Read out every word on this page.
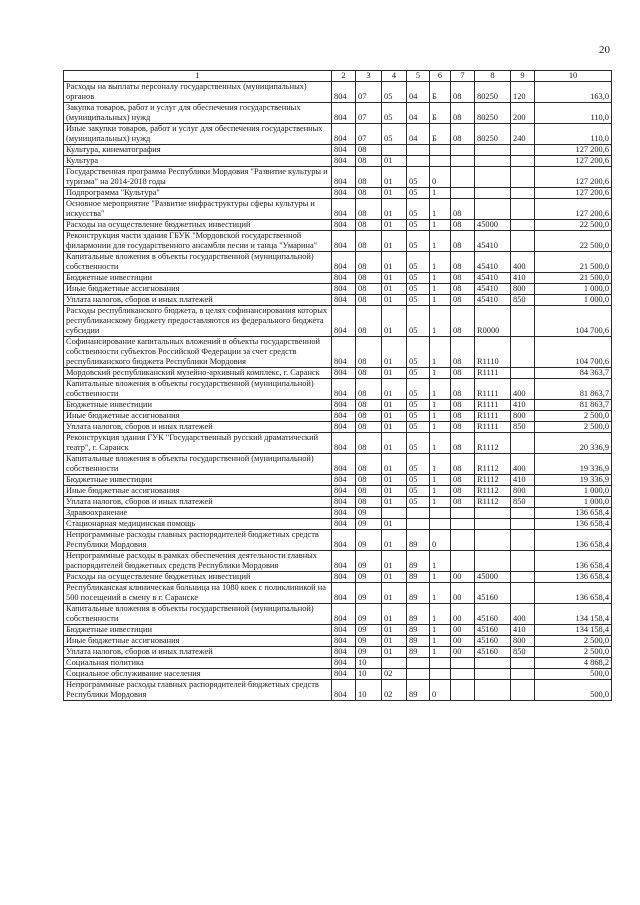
20
1	2	3	4	5	6	7	8	9	10
Расходы на выплаты персоналу государственных (муниципальных) органов	804	07	05	04	Б	08	80250	120	163,0
Закупка товаров, работ и услуг для обеспечения государственных (муниципальных) нужд	804	07	05	04	Б	08	80250	200	110,0
Иные закупки товаров, работ и услуг для обеспечения государственных (муниципальных) нужд	804	07	05	04	Б	08	80250	240	110,0
Культура, кинематография	804	08							127 200,6
Культура	804	08	01						127 200,6
Государственная программа Республики Мордовия "Развитие культуры и туризма" на 2014-2018 годы	804	08	01	05	0				127 200,6
Подпрограмма "Культура"	804	08	01	05	1				127 200,6
Основное мероприятие "Развитие инфраструктуры сферы культуры и искусства"	804	08	01	05	1	08			127 200,6
Расходы на осуществление бюджетных инвестиций	804	08	01	05	1	08	45000		22 500,0
Реконструкция части здания ГБУК "Мордовской государственной филармонии для государственного ансамбля песни и танца "Умарина"	804	08	01	05	1	08	45410		22 500,0
Капитальные вложения в объекты государственной (муниципальной) собственности	804	08	01	05	1	08	45410	400	21 500,0
Бюджетные инвестиции	804	08	01	05	1	08	45410	410	21 500,0
Иные бюджетные ассигнования	804	08	01	05	1	08	45410	800	1 000,0
Уплата налогов, сборов и иных платежей	804	08	01	05	1	08	45410	850	1 000,0
Расходы республиканского бюджета, в целях софинансирования которых республиканскому бюджету предоставляются из федерального бюджета субсидии	804	08	01	05	1	08	R0000		104 700,6
Софинансирование капитальных вложений в объекты государственной собственности субъектов Российской Федерации за счет средств республиканского бюджета Республики Мордовия	804	08	01	05	1	08	R1110		104 700,6
Мордовский республиканский музейно-архивный комплекс, г. Саранск	804	08	01	05	1	08	R1111		84 363,7
Капитальные вложения в объекты государственной (муниципальной) собственности	804	08	01	05	1	08	R1111	400	81 863,7
Бюджетные инвестиции	804	08	01	05	1	08	R1111	410	81 863,7
Иные бюджетные ассигнования	804	08	01	05	1	08	R1111	800	2 500,0
Уплата налогов, сборов и иных платежей	804	08	01	05	1	08	R1111	850	2 500,0
Реконструкция здания ГУК "Государственный русский драматический театр", г. Саранск	804	08	01	05	1	08	R1112		20 336,9
Капитальные вложения в объекты государственной (муниципальной) собственности	804	08	01	05	1	08	R1112	400	19 336,9
Бюджетные инвестиции	804	08	01	05	1	08	R1112	410	19 336,9
Иные бюджетные ассигнования	804	08	01	05	1	08	R1112	800	1 000,0
Уплата налогов, сборов и иных платежей	804	08	01	05	1	08	R1112	850	1 000,0
Здравоохранение	804	09							136 658,4
Стационарная медицинская помощь	804	09	01						136 658,4
Непрограммные расходы главных распорядителей бюджетных средств Республики Мордовия	804	09	01	89	0				136 658,4
Непрограммные расходы в рамках обеспечения деятельности главных распорядителей бюджетных средств Республики Мордовия	804	09	01	89	1				136 658,4
Расходы на осуществление бюджетных инвестиций	804	09	01	89	1	00	45000		136 658,4
Республиканская клиническая больница на 1080 коек с поликлиникой на 500 посещений в смену в г. Саранске	804	09	01	89	1	00	45160		136 658,4
Капитальные вложения в объекты государственной (муниципальной) собственности	804	09	01	89	1	00	45160	400	134 158,4
Бюджетные инвестиции	804	09	01	89	1	00	45160	410	134 158,4
Иные бюджетные ассигнования	804	09	01	89	1	00	45160	800	2 500,0
Уплата налогов, сборов и иных платежей	804	09	01	89	1	00	45160	850	2 500,0
Социальная политика	804	10							4 868,2
Социальное обслуживание населения	804	10	02						500,0
Непрограммные расходы главных распорядителей бюджетных средств Республики Мордовия	804	10	02	89	0				500,0
